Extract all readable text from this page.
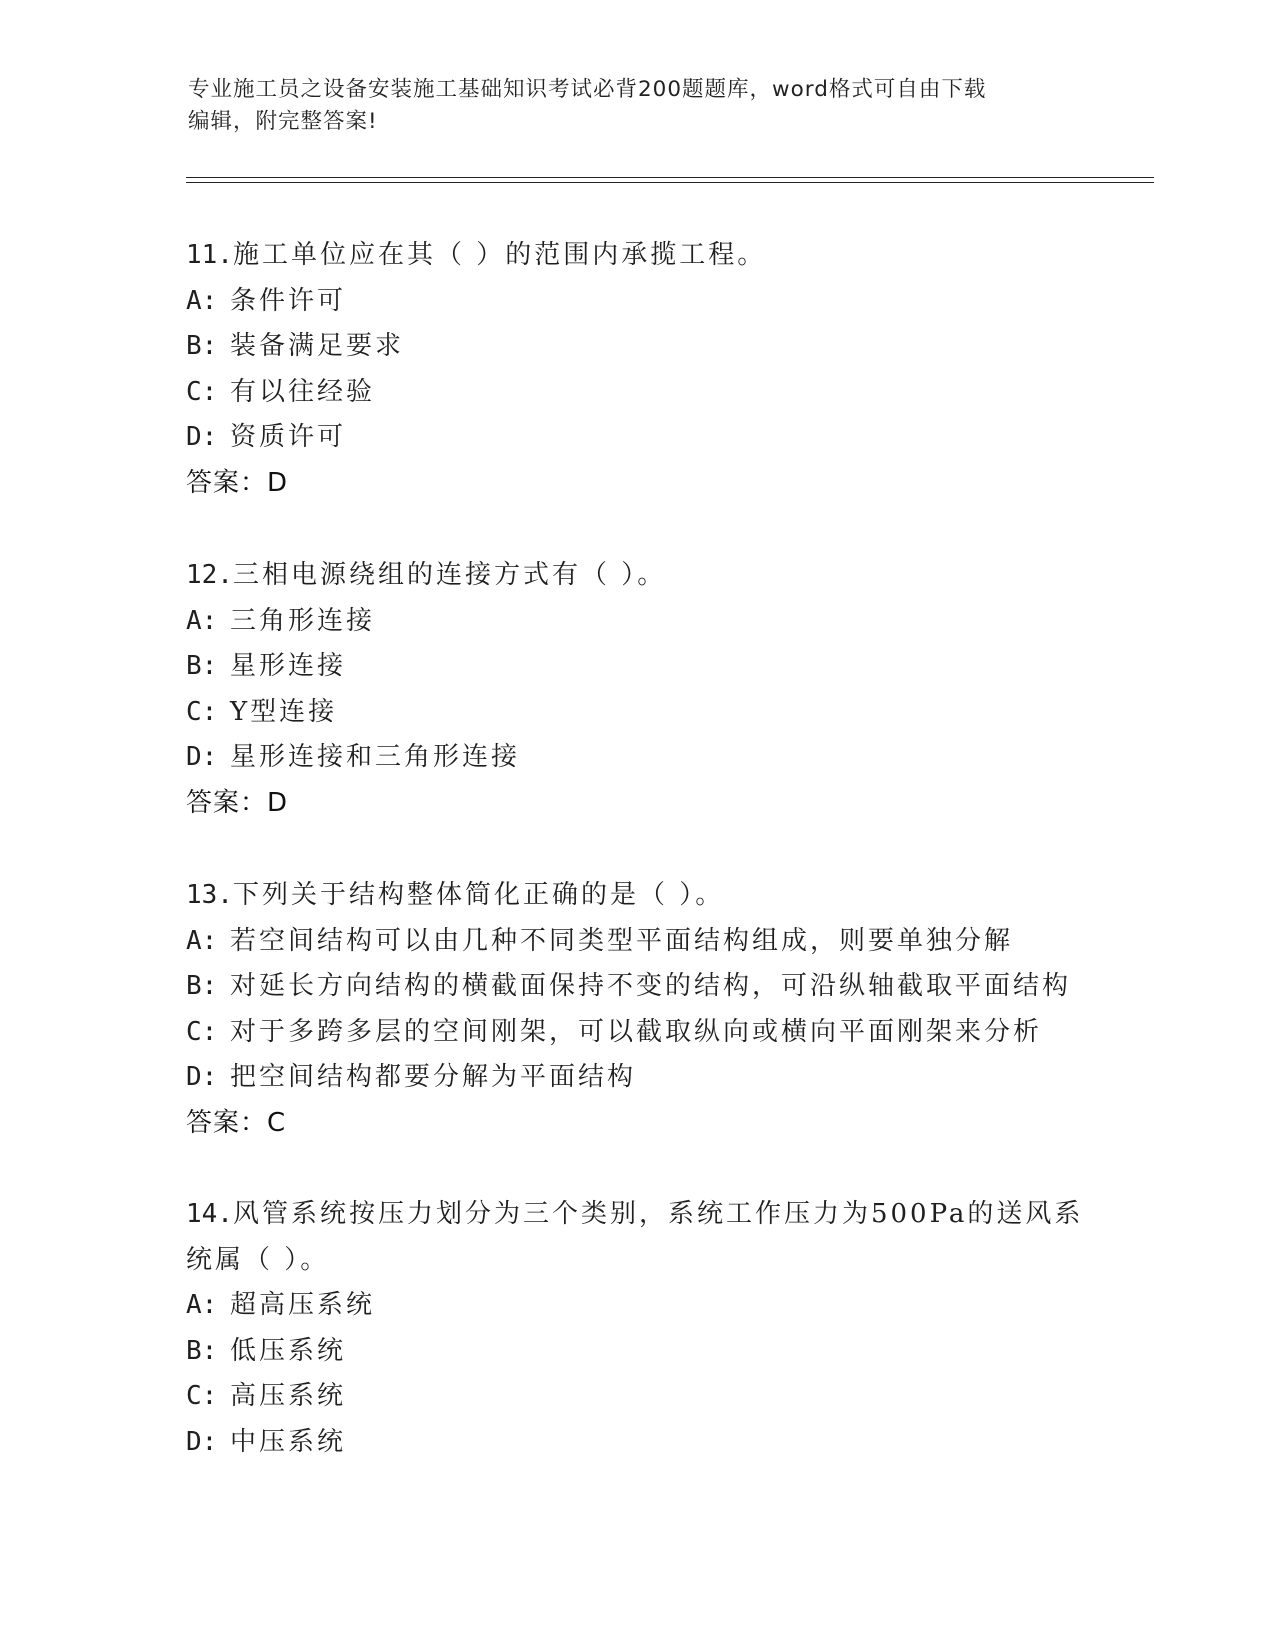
专业施工员之设备安装施工基础知识考试必背200题题库，word格式可自由下载
编辑，附完整答案!
11.施工单位应在其（ ）的范围内承揽工程。
A: 条件许可
B: 装备满足要求
C: 有以往经验
D: 资质许可
答案：D
12.三相电源绕组的连接方式有（ ）。
A: 三角形连接
B: 星形连接
C: Y型连接
D: 星形连接和三角形连接
答案：D
13.下列关于结构整体简化正确的是（ ）。
A: 若空间结构可以由几种不同类型平面结构组成，则要单独分解
B: 对延长方向结构的横截面保持不变的结构，可沿纵轴截取平面结构
C: 对于多跨多层的空间刚架，可以截取纵向或横向平面刚架来分析
D: 把空间结构都要分解为平面结构
答案：C
14.风管系统按压力划分为三个类别，系统工作压力为500Pa的送风系
统属（ ）。
A: 超高压系统
B: 低压系统
C: 高压系统
D: 中压系统
